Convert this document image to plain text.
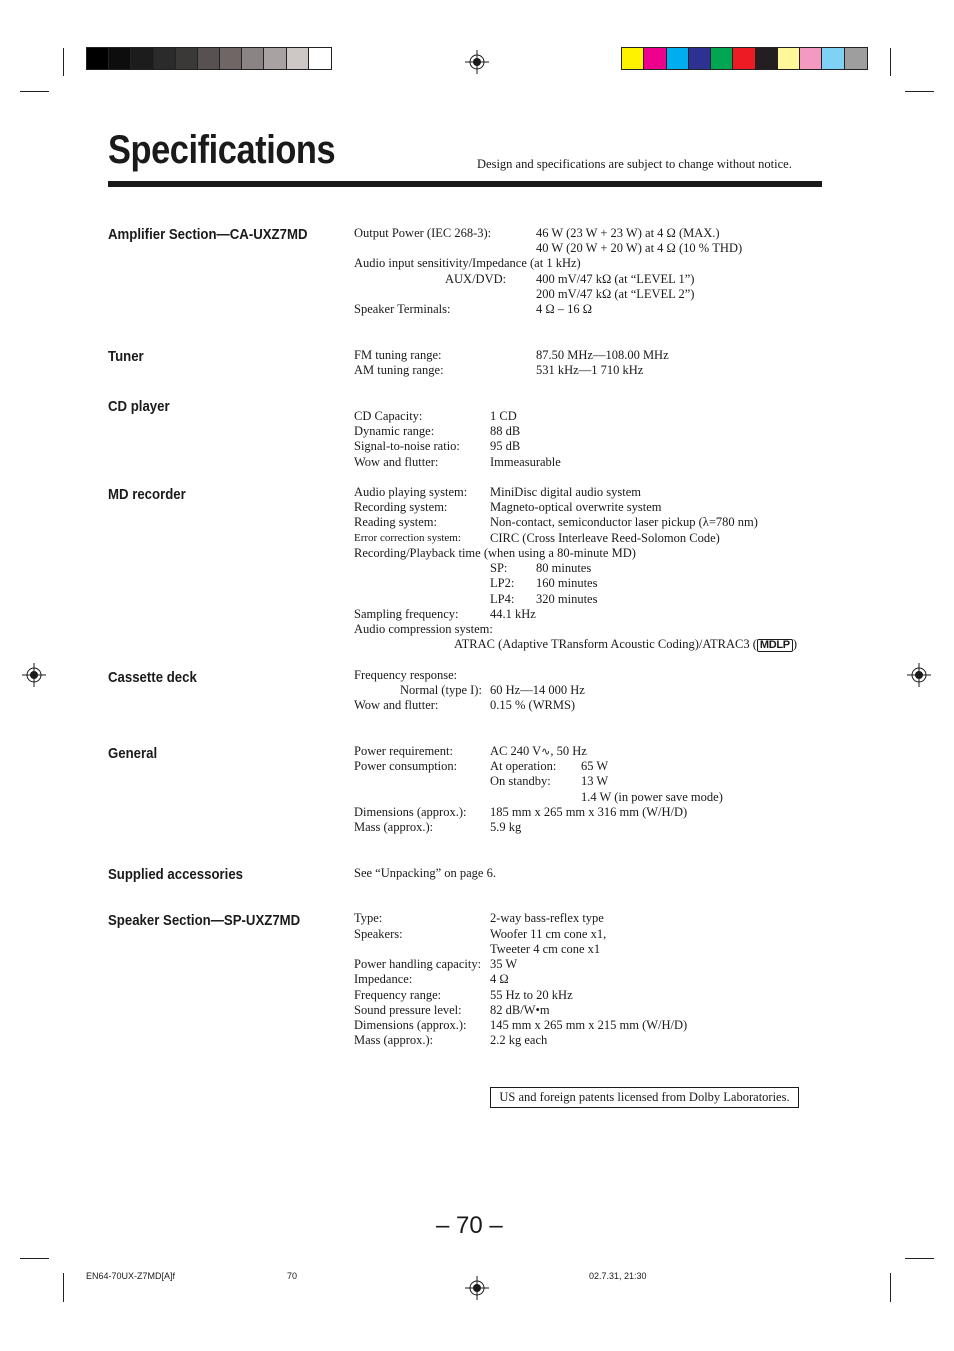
Specifications	Design and specifications are subject to change without notice.
Amplifier Section—CA-UXZ7MD	Output Power (IEC 268-3):	46 W (23 W + 23 W) at 4 Ω (MAX.)
40 W (20 W + 20 W) at 4 Ω (10 % THD)
Audio input sensitivity/Impedance (at 1 kHz)
AUX/DVD: 400 mV/47 kΩ (at “LEVEL 1”)
200 mV/47 kΩ (at “LEVEL 2”)
Speaker Terminals:	4 Ω – 16 Ω
Tuner	FM tuning range:	87.50 MHz—108.00 MHz
AM tuning range:	531 kHz—1 710 kHz
CD player
CD Capacity:	1 CD
Dynamic range:	88 dB
Signal-to-noise ratio: 95 dB
Wow and flutter:	Immeasurable
MD recorder	Audio playing system: MiniDisc digital audio system
Recording system:	Magneto-optical overwrite system
Reading system:	Non-contact, semiconductor laser pickup (λ=780 nm)
Error correction system: CIRC (Cross Interleave Reed-Solomon Code)
Recording/Playback time (when using a 80-minute MD)
SP: 80 minutes
LP2: 160 minutes
LP4: 320 minutes
Sampling frequency:	44.1 kHz
Audio compression system:
ATRAC (Adaptive TRansform Acoustic Coding)/ATRAC3 ( MDLP )
Cassette deck	Frequency response:
Normal (type I): 60 Hz—14 000 Hz
Wow and flutter:	0.15 % (WRMS)
General	Power requirement:	AC 240 V∿, 50 Hz
Power consumption:	At operation: 65 W
On standby: 13 W
1.4 W (in power save mode)
Dimensions (approx.): 185 mm x 265 mm x 316 mm (W/H/D)
Mass (approx.):	5.9 kg
Supplied accessories	See “Unpacking” on page 6.
Speaker Section—SP-UXZ7MD	Type:	2-way bass-reflex type
Speakers:	Woofer 11 cm cone x1,
Tweeter 4 cm cone x1
Power handling capacity: 35 W
Impedance:	4 Ω
Frequency range:	55 Hz to 20 kHz
Sound pressure level: 82 dB/W•m
Dimensions (approx.): 145 mm x 265 mm x 215 mm (W/H/D)
Mass (approx.):	2.2 kg each
US and foreign patents licensed from Dolby Laboratories.
– 70 –
EN64-70UX-Z7MD[A]f	70	02.7.31, 21:30
